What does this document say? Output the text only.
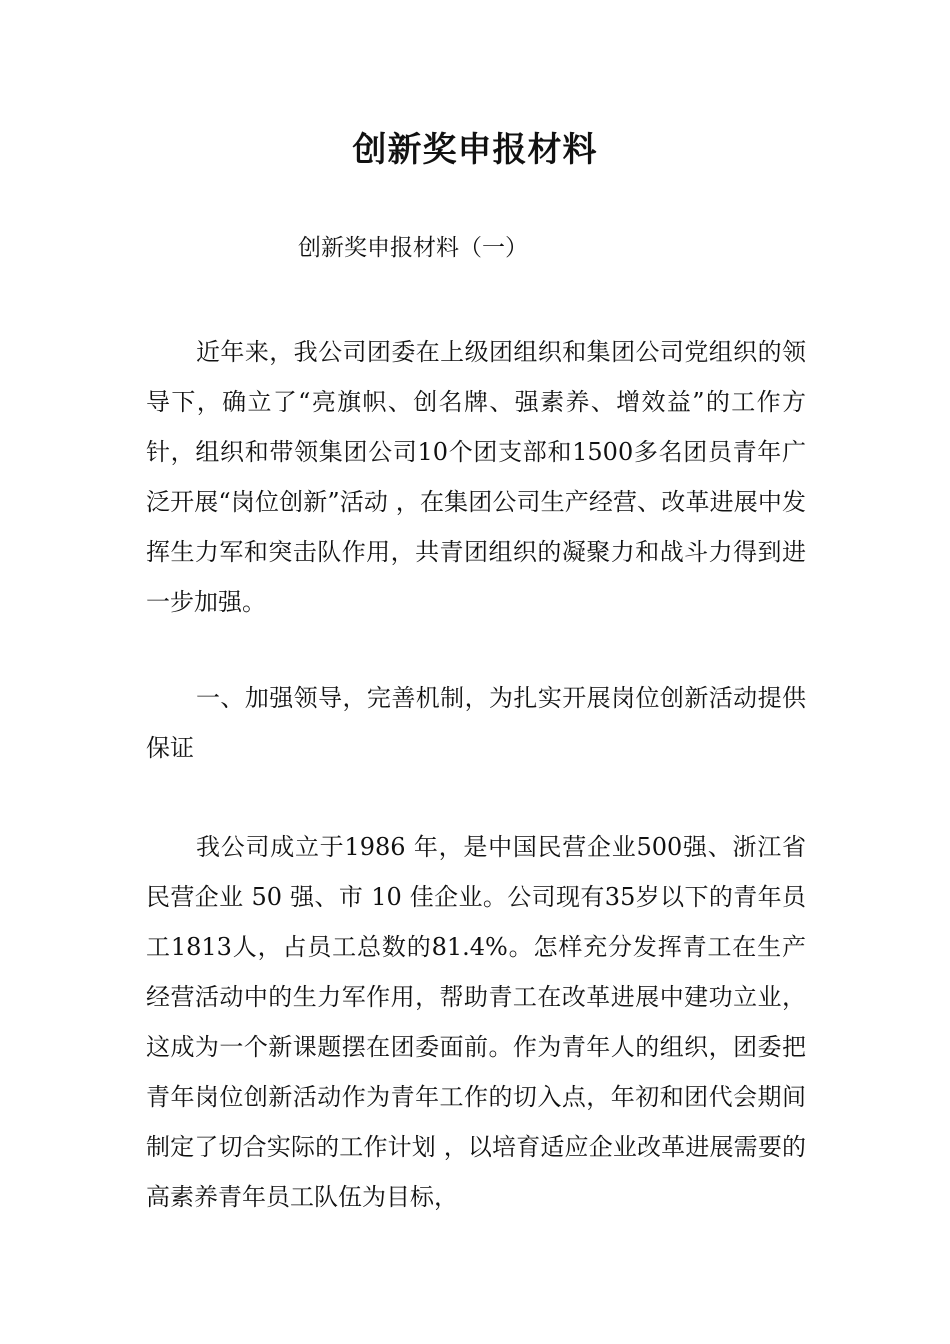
创新奖申报材料

创新奖申报材料（一）

近年来，我公司团委在上级团组织和集团公司党组织的领导下，确立了“亮旗帜、创名牌、强素养、增效益”的工作方针，组织和带领集团公司10个团支部和1500多名团员青年广泛开展“岗位创新”活动 ，在集团公司生产经营、改革进展中发挥生力军和突击队作用，共青团组织的凝聚力和战斗力得到进一步加强。

一、加强领导，完善机制，为扎实开展岗位创新活动提供保证

我公司成立于1986 年，是中国民营企业500强、浙江省民营企业 50 强、市 10 佳企业。公司现有35岁以下的青年员工1813人，占员工总数的81.4%。怎样充分发挥青工在生产经营活动中的生力军作用，帮助青工在改革进展中建功立业，这成为一个新课题摆在团委面前。作为青年人的组织，团委把青年岗位创新活动作为青年工作的切入点，年初和团代会期间制定了切合实际的工作计划 ，以培育适应企业改革进展需要的高素养青年员工队伍为目标，
